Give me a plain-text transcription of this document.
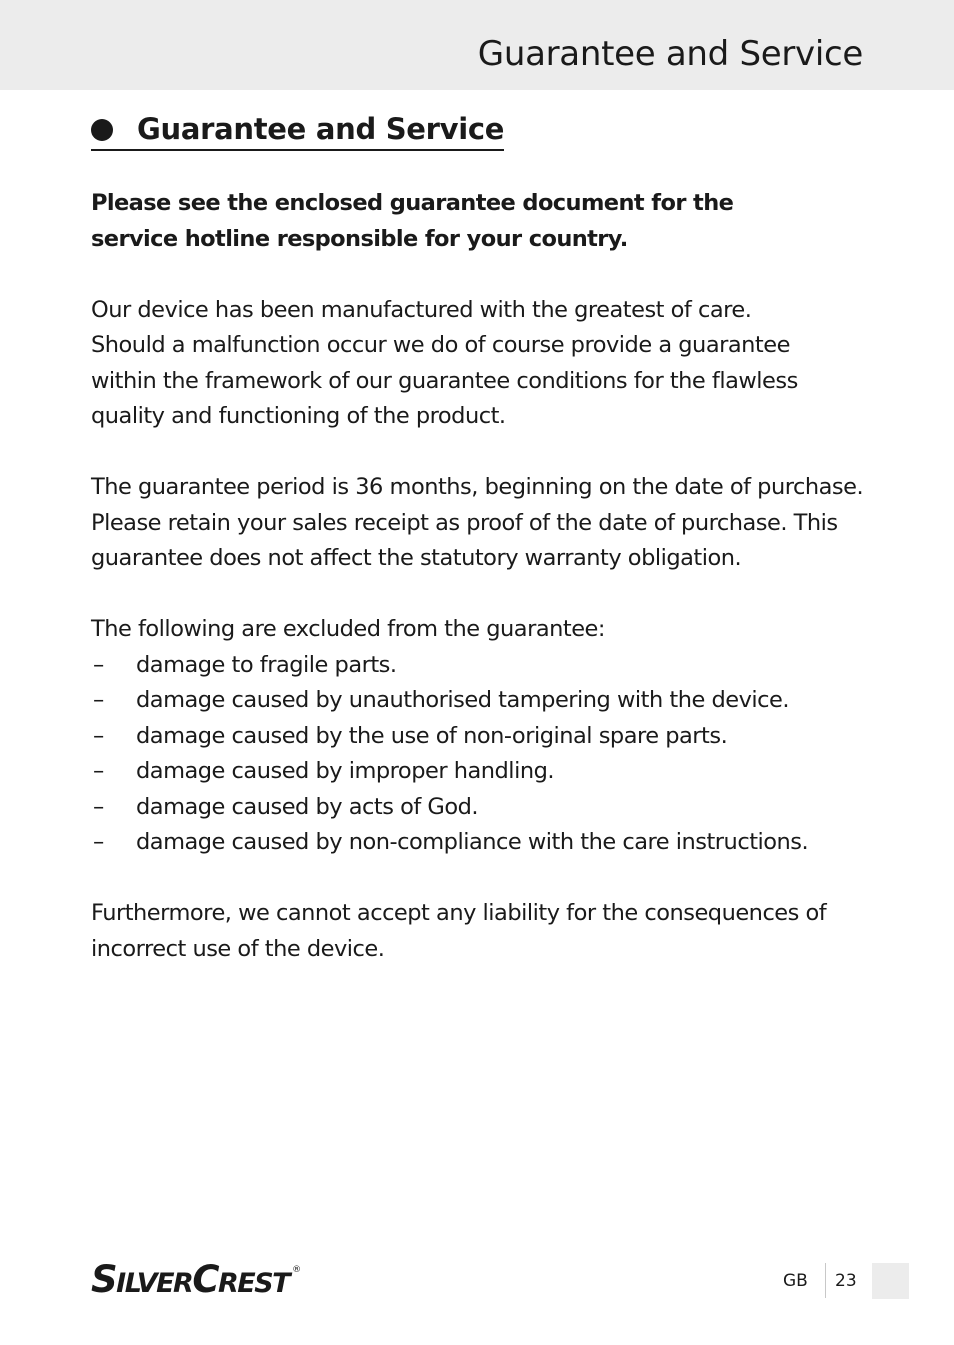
Guarantee and Service
Guarantee and Service

Please see the enclosed guarantee document for the
service hotline responsible for your country.

Our device has been manufactured with the greatest of care.
Should a malfunction occur we do of course provide a guarantee
within the framework of our guarantee conditions for the flawless
quality and functioning of the product.

The guarantee period is 36 months, beginning on the date of purchase.
Please retain your sales receipt as proof of the date of purchase. This
guarantee does not affect the statutory warranty obligation.

The following are excluded from the guarantee:
– damage to fragile parts.
– damage caused by unauthorised tampering with the device.
– damage caused by the use of non-original spare parts.
– damage caused by improper handling.
– damage caused by acts of God.
– damage caused by non-compliance with the care instructions.

Furthermore, we cannot accept any liability for the consequences of
incorrect use of the device.

SILVERCREST ®
GB 23
